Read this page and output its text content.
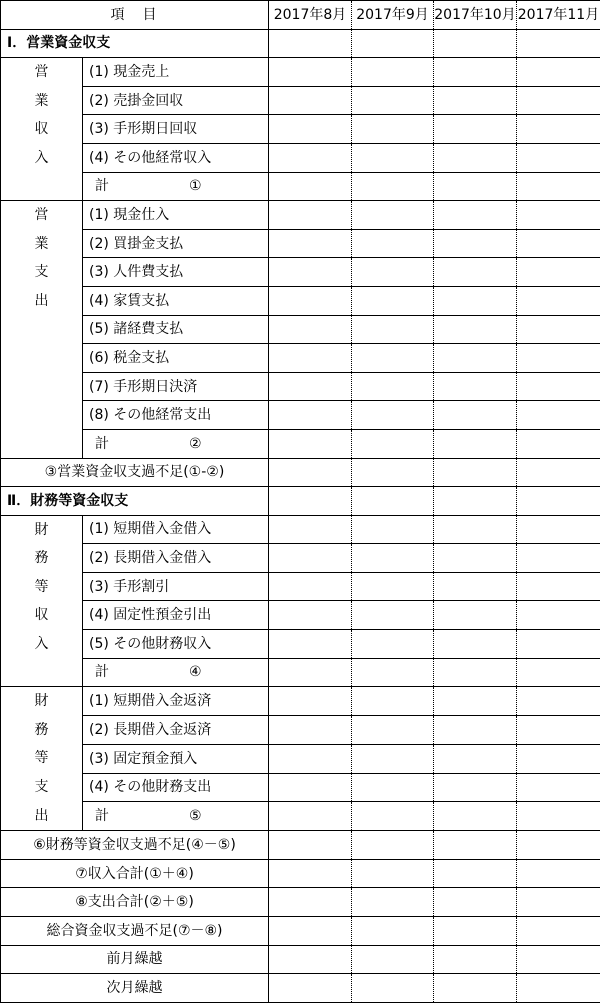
項　目		2017年8月	2017年9月	2017年10月	2017年11月
Ⅰ．営業資金収支					

営
業
収
入	(1) 現金売上				
	(2) 売掛金回収				
	(3) 手形期日回収				
	(4) その他経常収入				
	計 ①				

営
業
支
出	(1) 現金仕入				
	(2) 買掛金支払				
	(3) 人件費支払				
	(4) 家賃支払				
	(5) 諸経費支払				
	(6) 税金支払				
	(7) 手形期日決済				
	(8) その他経常支出				
	計 ②				
③営業資金収支過不足(①-②)					
Ⅱ．財務等資金収支					

財
務
等
収
入	(1) 短期借入金借入				
	(2) 長期借入金借入				
	(3) 手形割引				
	(4) 固定性預金引出				
	(5) その他財務収入				
	計 ④				

財
務
等
支
出	(1) 短期借入金返済				
	(2) 長期借入金返済				
	(3) 固定預金預入				
	(4) その他財務支出				
	計 ⑤				
⑥財務等資金収支過不足(④－⑤)					
⑦収入合計(①＋④)					
⑧支出合計(②＋⑤)					
総合資金収支過不足(⑦－⑧)					
前月繰越					
次月繰越					
